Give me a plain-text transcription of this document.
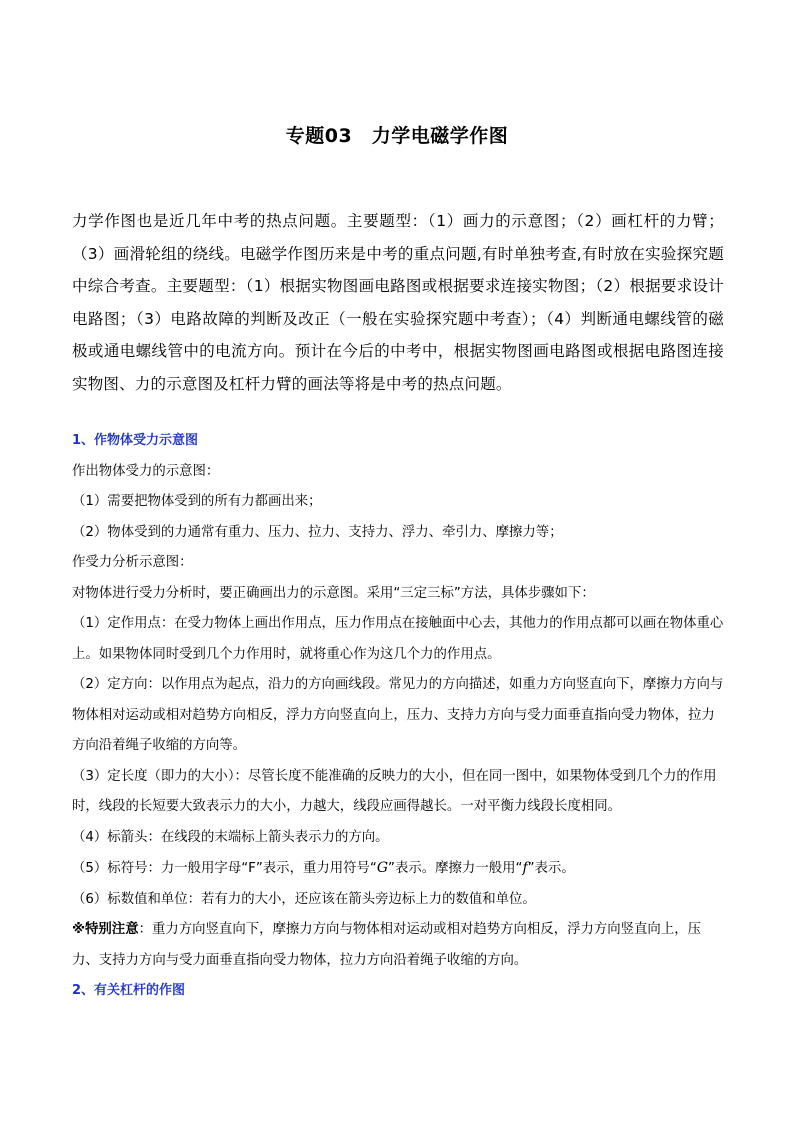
专题03　力学电磁学作图

力学作图也是近几年中考的热点问题。主要题型：（1）画力的示意图；（2）画杠杆的力臂；（3）画滑轮组的绕线。电磁学作图历来是中考的重点问题,有时单独考查,有时放在实验探究题中综合考查。主要题型：（1）根据实物图画电路图或根据要求连接实物图；（2）根据要求设计电路图；（3）电路故障的判断及改正（一般在实验探究题中考查）；（4）判断通电螺线管的磁极或通电螺线管中的电流方向。预计在今后的中考中，根据实物图画电路图或根据电路图连接实物图、力的示意图及杠杆力臂的画法等将是中考的热点问题。

1、作物体受力示意图

作出物体受力的示意图：

（1）需要把物体受到的所有力都画出来；

（2）物体受到的力通常有重力、压力、拉力、支持力、浮力、牵引力、摩擦力等；

作受力分析示意图：

对物体进行受力分析时，要正确画出力的示意图。采用“三定三标”方法，具体步骤如下：

（1）定作用点：在受力物体上画出作用点，压力作用点在接触面中心去，其他力的作用点都可以画在物体重心上。如果物体同时受到几个力作用时，就将重心作为这几个力的作用点。

（2）定方向：以作用点为起点，沿力的方向画线段。常见力的方向描述，如重力方向竖直向下，摩擦力方向与物体相对运动或相对趋势方向相反，浮力方向竖直向上，压力、支持力方向与受力面垂直指向受力物体，拉力方向沿着绳子收缩的方向等。

（3）定长度（即力的大小）：尽管长度不能准确的反映力的大小，但在同一图中，如果物体受到几个力的作用时，线段的长短要大致表示力的大小，力越大，线段应画得越长。一对平衡力线段长度相同。

（4）标箭头：在线段的末端标上箭头表示力的方向。

（5）标符号：力一般用字母“F”表示，重力用符号“G”表示。摩擦力一般用“f”表示。

（6）标数值和单位：若有力的大小，还应该在箭头旁边标上力的数值和单位。

※特别注意：重力方向竖直向下，摩擦力方向与物体相对运动或相对趋势方向相反，浮力方向竖直向上，压力、支持力方向与受力面垂直指向受力物体，拉力方向沿着绳子收缩的方向。

2、有关杠杆的作图
